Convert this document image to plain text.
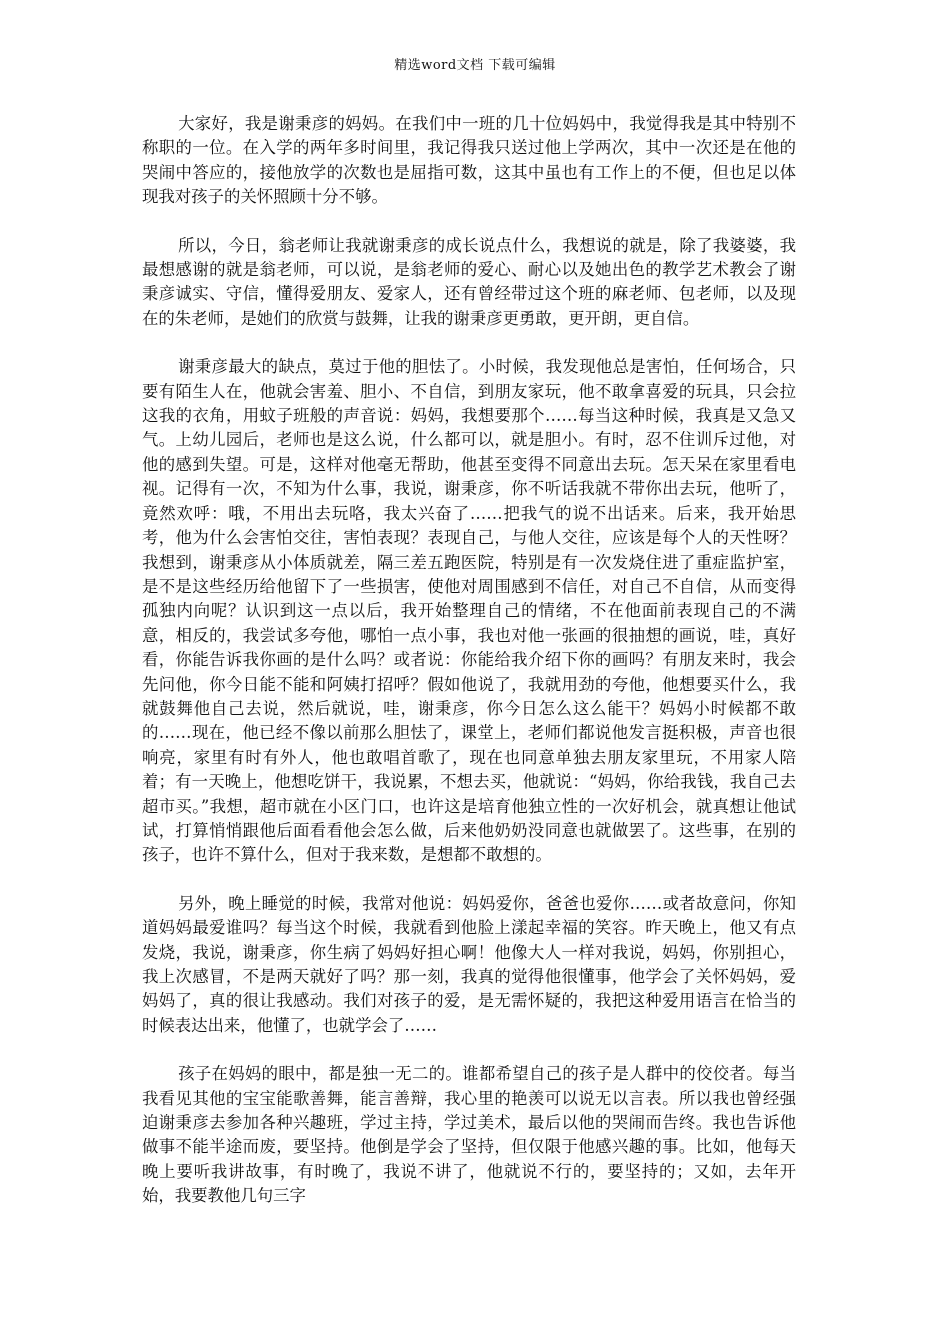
精选word文档 下载可编辑

大家好，我是谢秉彦的妈妈。在我们中一班的几十位妈妈中，我觉得我是其中特别不称职的一位。在入学的两年多时间里，我记得我只送过他上学两次，其中一次还是在他的哭闹中答应的，接他放学的次数也是屈指可数，这其中虽也有工作上的不便，但也足以体现我对孩子的关怀照顾十分不够。

所以，今日，翁老师让我就谢秉彦的成长说点什么，我想说的就是，除了我婆婆，我最想感谢的就是翁老师，可以说，是翁老师的爱心、耐心以及她出色的教学艺术教会了谢秉彦诚实、守信，懂得爱朋友、爱家人，还有曾经带过这个班的麻老师、包老师，以及现在的朱老师，是她们的欣赏与鼓舞，让我的谢秉彦更勇敢，更开朗，更自信。

谢秉彦最大的缺点，莫过于他的胆怯了。小时候，我发现他总是害怕，任何场合，只要有陌生人在，他就会害羞、胆小、不自信，到朋友家玩，他不敢拿喜爱的玩具，只会拉这我的衣角，用蚊子班般的声音说：妈妈，我想要那个……每当这种时候，我真是又急又气。上幼儿园后，老师也是这么说，什么都可以，就是胆小。有时，忍不住训斥过他，对他的感到失望。可是，这样对他毫无帮助，他甚至变得不同意出去玩。怎天呆在家里看电视。记得有一次，不知为什么事，我说，谢秉彦，你不听话我就不带你出去玩，他听了，竟然欢呼：哦，不用出去玩咯，我太兴奋了……把我气的说不出话来。后来，我开始思考，他为什么会害怕交往，害怕表现？表现自己，与他人交往，应该是每个人的天性呀？我想到，谢秉彦从小体质就差，隔三差五跑医院，特别是有一次发烧住进了重症监护室，是不是这些经历给他留下了一些损害，使他对周围感到不信任，对自己不自信，从而变得孤独内向呢？认识到这一点以后，我开始整理自己的情绪，不在他面前表现自己的不满意，相反的，我尝试多夸他，哪怕一点小事，我也对他一张画的很抽想的画说，哇，真好看，你能告诉我你画的是什么吗？或者说：你能给我介绍下你的画吗？有朋友来时，我会先问他，你今日能不能和阿姨打招呼？假如他说了，我就用劲的夸他，他想要买什么，我就鼓舞他自己去说，然后就说，哇，谢秉彦，你今日怎么这么能干？妈妈小时候都不敢的……现在，他已经不像以前那么胆怯了，课堂上，老师们都说他发言挺积极，声音也很响亮，家里有时有外人，他也敢唱首歌了，现在也同意单独去朋友家里玩，不用家人陪着；有一天晚上，他想吃饼干，我说累，不想去买，他就说：“妈妈，你给我钱，我自己去超市买。”我想，超市就在小区门口，也许这是培育他独立性的一次好机会，就真想让他试试，打算悄悄跟他后面看看他会怎么做，后来他奶奶没同意也就做罢了。这些事，在别的孩子，也许不算什么，但对于我来数，是想都不敢想的。

另外，晚上睡觉的时候，我常对他说：妈妈爱你，爸爸也爱你……或者故意问，你知道妈妈最爱谁吗？每当这个时候，我就看到他脸上漾起幸福的笑容。昨天晚上，他又有点发烧，我说，谢秉彦，你生病了妈妈好担心啊！他像大人一样对我说，妈妈，你别担心，我上次感冒，不是两天就好了吗？那一刻，我真的觉得他很懂事，他学会了关怀妈妈，爱妈妈了，真的很让我感动。我们对孩子的爱，是无需怀疑的，我把这种爱用语言在恰当的时候表达出来，他懂了，也就学会了……

孩子在妈妈的眼中，都是独一无二的。谁都希望自己的孩子是人群中的佼佼者。每当我看见其他的宝宝能歌善舞，能言善辩，我心里的艳羡可以说无以言表。所以我也曾经强迫谢秉彦去参加各种兴趣班，学过主持，学过美术，最后以他的哭闹而告终。我也告诉他做事不能半途而废，要坚持。他倒是学会了坚持，但仅限于他感兴趣的事。比如，他每天晚上要听我讲故事，有时晚了，我说不讲了，他就说不行的，要坚持的；又如，去年开始，我要教他几句三字
